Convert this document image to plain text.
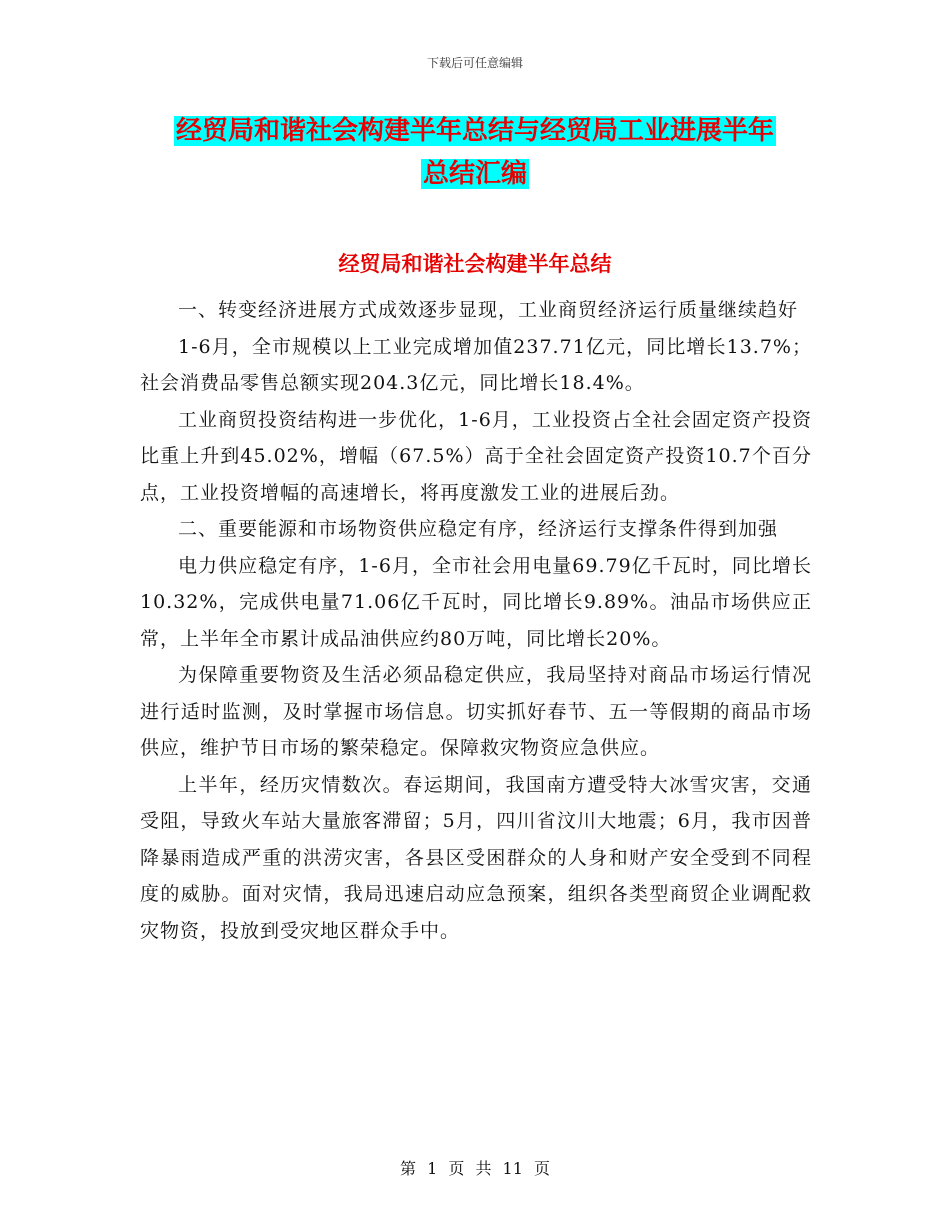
下载后可任意编辑
经贸局和谐社会构建半年总结与经贸局工业进展半年
总结汇编
经贸局和谐社会构建半年总结

一、转变经济进展方式成效逐步显现，工业商贸经济运行质量继续趋好

1-6月，全市规模以上工业完成增加值237.71亿元，同比增长13.7%；社会消费品零售总额实现204.3亿元，同比增长18.4%。

工业商贸投资结构进一步优化，1-6月，工业投资占全社会固定资产投资比重上升到45.02%，增幅（67.5%）高于全社会固定资产投资10.7个百分点，工业投资增幅的高速增长，将再度激发工业的进展后劲。

二、重要能源和市场物资供应稳定有序，经济运行支撑条件得到加强

电力供应稳定有序，1-6月，全市社会用电量69.79亿千瓦时，同比增长10.32%，完成供电量71.06亿千瓦时，同比增长9.89%。油品市场供应正常，上半年全市累计成品油供应约80万吨，同比增长20%。

为保障重要物资及生活必须品稳定供应，我局坚持对商品市场运行情况进行适时监测，及时掌握市场信息。切实抓好春节、五一等假期的商品市场供应，维护节日市场的繁荣稳定。保障救灾物资应急供应。

上半年，经历灾情数次。春运期间，我国南方遭受特大冰雪灾害，交通受阻，导致火车站大量旅客滞留；5月，四川省汶川大地震；6月，我市因普降暴雨造成严重的洪涝灾害，各县区受困群众的人身和财产安全受到不同程度的威胁。面对灾情，我局迅速启动应急预案，组织各类型商贸企业调配救灾物资，投放到受灾地区群众手中。

第 1 页 共 11 页
